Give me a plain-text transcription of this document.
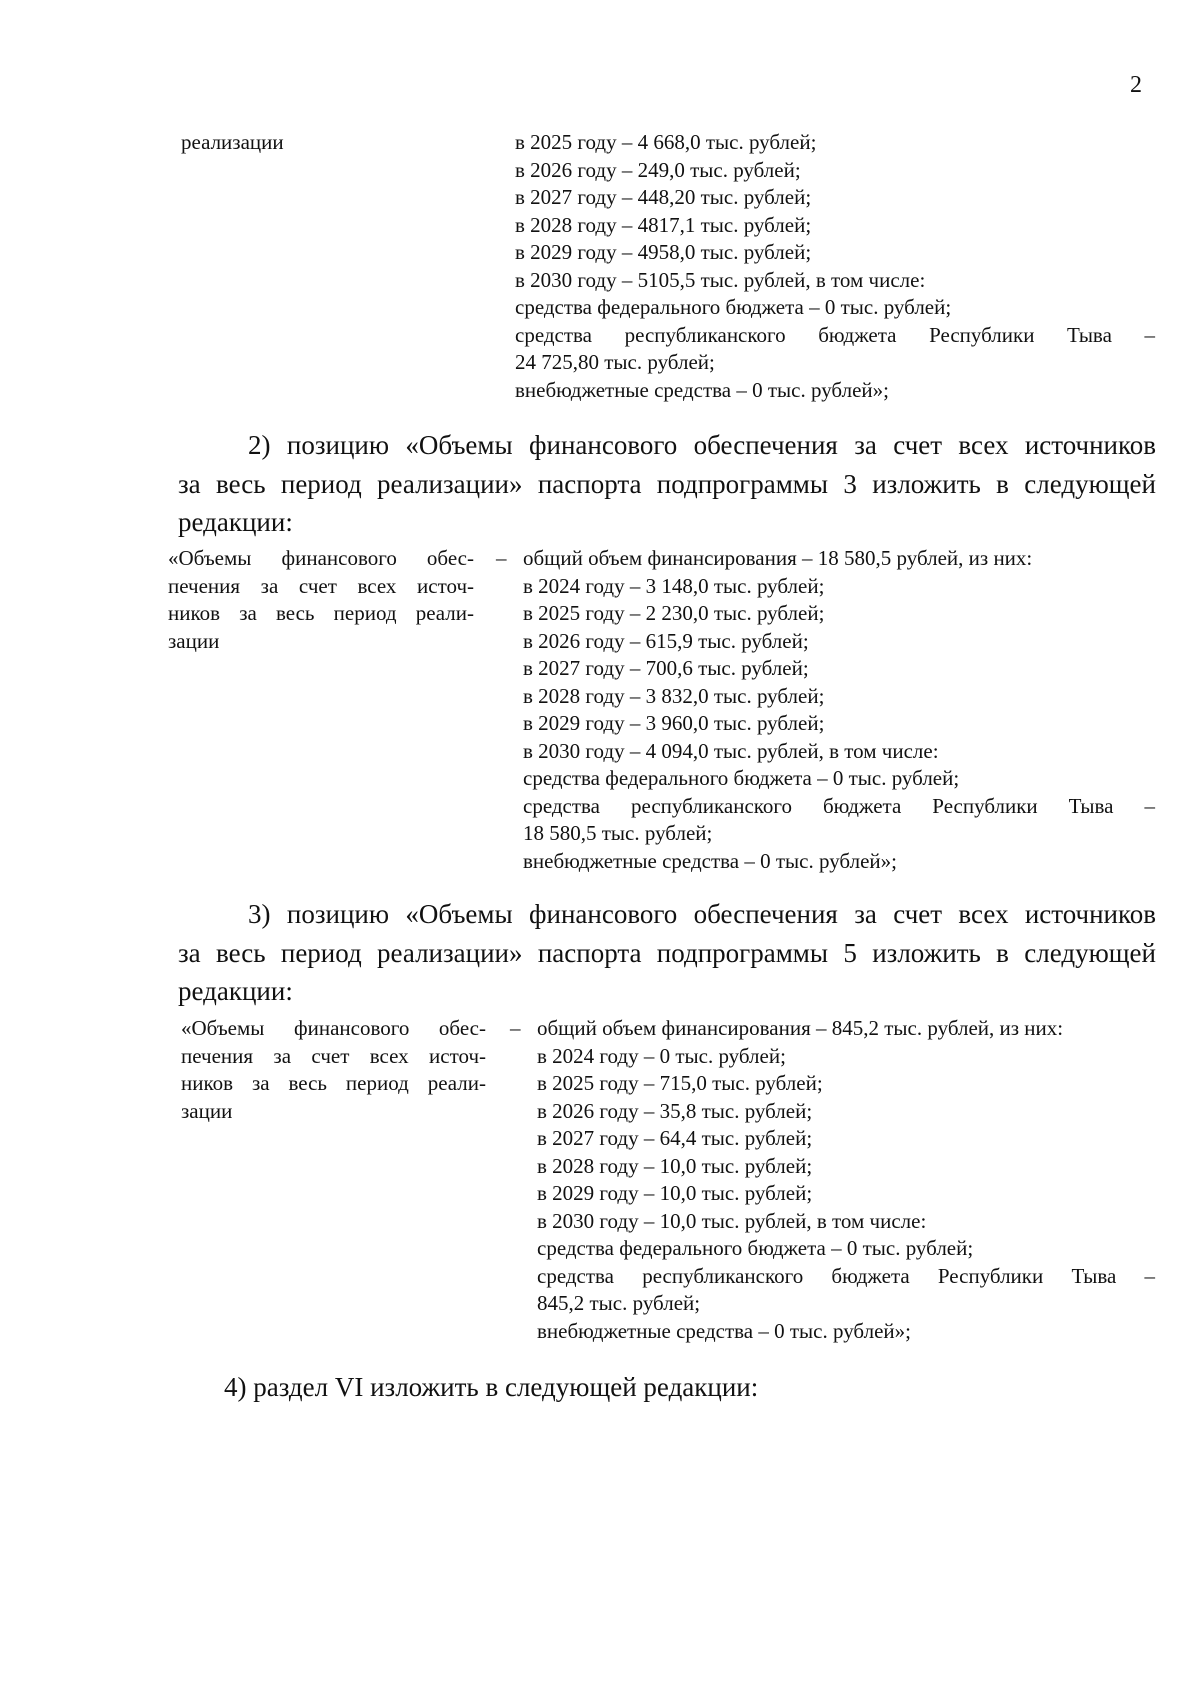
2
реализации	в 2025 году – 4 668,0 тыс. рублей;
в 2026 году – 249,0 тыс. рублей;
в 2027 году – 448,20 тыс. рублей;
в 2028 году – 4817,1 тыс. рублей;
в 2029 году – 4958,0 тыс. рублей;
в 2030 году – 5105,5 тыс. рублей, в том числе:
средства федерального бюджета – 0 тыс. рублей;
средства республиканского бюджета Республики Тыва –
24 725,80 тыс. рублей;
внебюджетные средства – 0 тыс. рублей»;
2) позицию «Объемы финансового обеспечения за счет всех источников
за весь период реализации» паспорта подпрограммы 3 изложить в следующей
редакции:
«Объемы финансового обес-
печения за счет всех источ-
ников за весь период реали-
зации
– общий объем финансирования – 18 580,5 рублей, из них:
в 2024 году – 3 148,0 тыс. рублей;
в 2025 году – 2 230,0 тыс. рублей;
в 2026 году – 615,9 тыс. рублей;
в 2027 году – 700,6 тыс. рублей;
в 2028 году – 3 832,0 тыс. рублей;
в 2029 году – 3 960,0 тыс. рублей;
в 2030 году – 4 094,0 тыс. рублей, в том числе:
средства федерального бюджета – 0 тыс. рублей;
средства республиканского бюджета Республики Тыва –
18 580,5 тыс. рублей;
внебюджетные средства – 0 тыс. рублей»;
3) позицию «Объемы финансового обеспечения за счет всех источников
за весь период реализации» паспорта подпрограммы 5 изложить в следующей
редакции:
«Объемы финансового обес-
печения за счет всех источ-
ников за весь период реали-
зации
– общий объем финансирования – 845,2 тыс. рублей, из них:
в 2024 году – 0 тыс. рублей;
в 2025 году – 715,0 тыс. рублей;
в 2026 году – 35,8 тыс. рублей;
в 2027 году – 64,4 тыс. рублей;
в 2028 году – 10,0 тыс. рублей;
в 2029 году – 10,0 тыс. рублей;
в 2030 году – 10,0 тыс. рублей, в том числе:
средства федерального бюджета – 0 тыс. рублей;
средства республиканского бюджета Республики Тыва –
845,2 тыс. рублей;
внебюджетные средства – 0 тыс. рублей»;
4) раздел VI изложить в следующей редакции:
